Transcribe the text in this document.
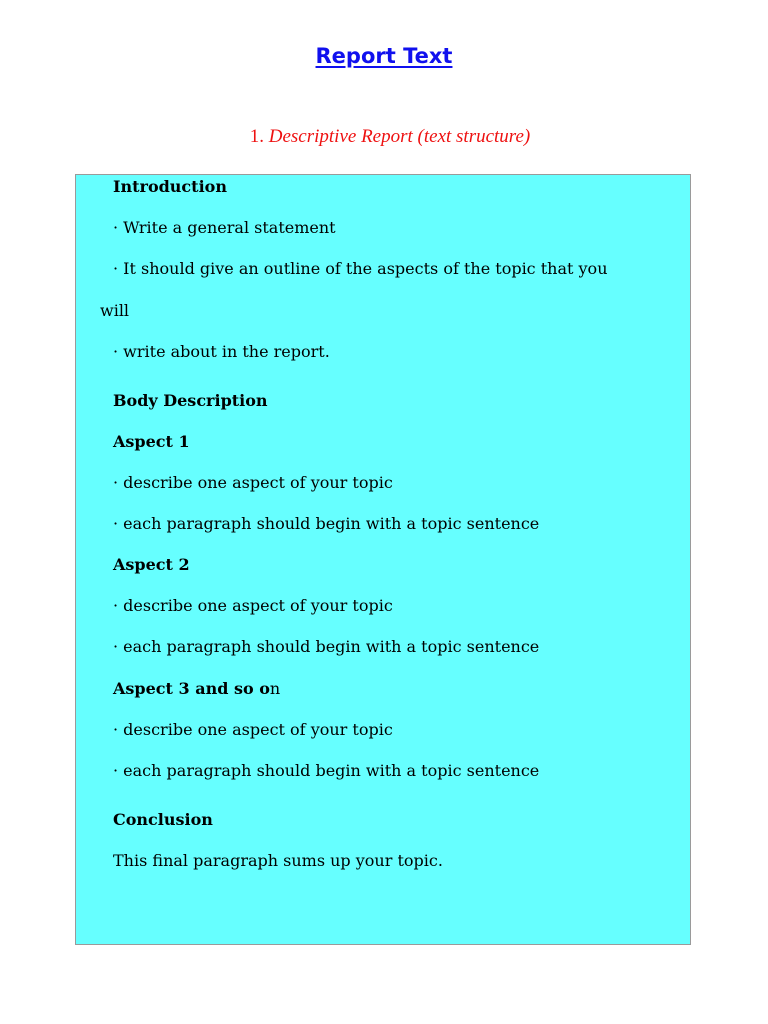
Report Text

1. Descriptive Report (text structure)

Introduction
· Write a general statement
· It should give an outline of the aspects of the topic that you
will
· write about in the report.
Body Description
Aspect 1
· describe one aspect of your topic
· each paragraph should begin with a topic sentence
Aspect 2
· describe one aspect of your topic
· each paragraph should begin with a topic sentence
Aspect 3 and so on
· describe one aspect of your topic
· each paragraph should begin with a topic sentence
Conclusion
This final paragraph sums up your topic.
